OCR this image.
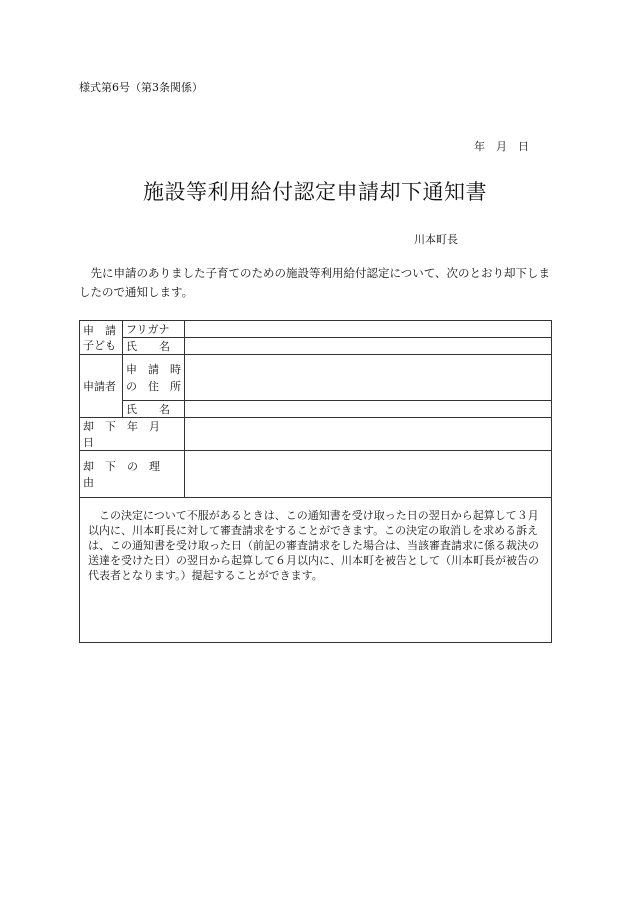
様式第6号（第3条関係）
年　月　日
施設等利用給付認定申請却下通知書
川本町長
先に申請のありました子育てのための施設等利用給付認定について、次のとおり却下しましたので通知します。
申　請
子ども	フリガナ	
	氏　　名	
申請者	申　請　時
の　住　所	
	氏　　名	
却　下　年　月　日		
却　下　の　理　由		

この決定について不服があるときは、この通知書を受け取った日の翌日から起算して３月以内に、川本町長に対して審査請求をすることができます。この決定の取消しを求める訴えは、この通知書を受け取った日（前記の審査請求をした場合は、当該審査請求に係る裁決の送達を受けた日）の翌日から起算して６月以内に、川本町を被告として（川本町長が被告の代表者となります。）提起することができます。		
